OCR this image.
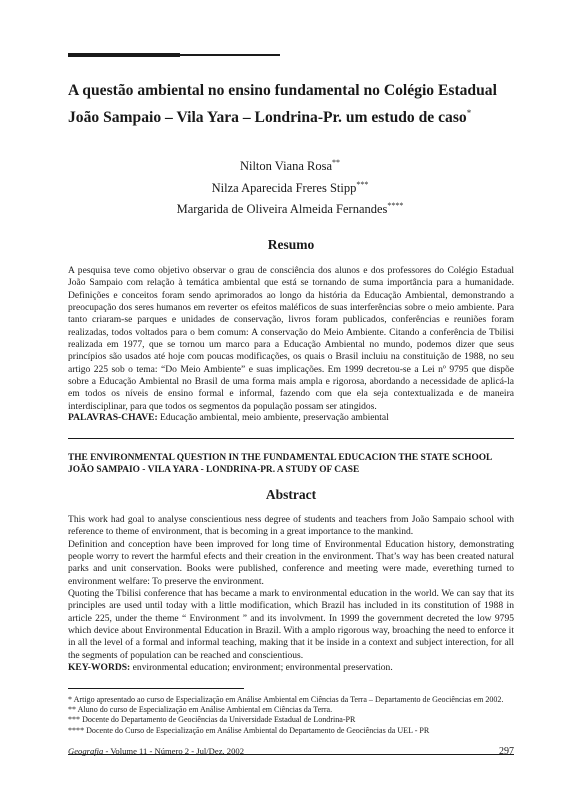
A questão ambiental no ensino fundamental no Colégio Estadual
João Sampaio – Vila Yara – Londrina-Pr. um estudo de caso*
Nilton Viana Rosa**
Nilza Aparecida Freres Stipp***
Margarida de Oliveira Almeida Fernandes****
Resumo

A pesquisa teve como objetivo observar o grau de consciência dos alunos e dos professores do Colégio Estadual João Sampaio com relação à temática ambiental que está se tornando de suma importância para a humanidade. Definições e conceitos foram sendo aprimorados ao longo da história da Educação Ambiental, demonstrando a preocupação dos seres humanos em reverter os efeitos maléficos de suas interferências sobre o meio ambiente. Para tanto criaram-se parques e unidades de conservação, livros foram publicados, conferências e reuniões foram realizadas, todos voltados para o bem comum: A conservação do Meio Ambiente. Citando a conferência de Tbilisi realizada em 1977, que se tornou um marco para a Educação Ambiental no mundo, podemos dizer que seus princípios são usados até hoje com poucas modificações, os quais o Brasil incluiu na constituição de 1988, no seu artigo 225 sob o tema: “Do Meio Ambiente” e suas implicações. Em 1999 decretou-se a Lei nº 9795 que dispõe sobre a Educação Ambiental no Brasil de uma forma mais ampla e rigorosa, abordando a necessidade de aplicá-la em todos os níveis de ensino formal e informal, fazendo com que ela seja contextualizada e de maneira interdisciplinar, para que todos os segmentos da população possam ser atingidos.

PALAVRAS-CHAVE: Educação ambiental, meio ambiente, preservação ambiental
THE ENVIRONMENTAL QUESTION IN THE FUNDAMENTAL EDUCACION THE STATE SCHOOL
JOÃO SAMPAIO - VILA YARA - LONDRINA-PR. A STUDY OF CASE
Abstract

This work had goal to analyse conscientious ness degree of students and teachers from João Sampaio school with reference to theme of environment, that is becoming in a great importance to the mankind.

Definition and conception have been improved for long time of Environmental Education history, demonstrating people worry to revert the harmful efects and their creation in the environment. That’s way has been created natural parks and unit conservation. Books were published, conference and meeting were made, everething turned to environment welfare: To preserve the environment.

Quoting the Tbilisi conference that has became a mark to environmental education in the world. We can say that its principles are used until today with a little modification, which Brazil has included in its constitution of 1988 in article 225, under the theme “ Environment ” and its involvment. In 1999 the government decreted the low 9795 which device about Environmental Education in Brazil. With a amplo rigorous way, broaching the need to enforce it in all the level of a formal and informal teaching, making that it be inside in a context and subject interection, for all the segments of population can be reached and conscientious.

KEY-WORDS: environmental education; environment; environmental preservation.

* Artigo apresentado ao curso de Especialização em Análise Ambiental em Ciências da Terra – Departamento de Geociências em 2002.

** Aluno do curso de Especialização em Análise Ambiental em Ciências da Terra.

*** Docente do Departamento de Geociências da Universidade Estadual de Londrina-PR

**** Docente do Curso de Especialização em Análise Ambiental do Departamento de Geociências da UEL - PR

Geografia - Volume 11 - Número 2 - Jul/Dez. 2002	297
